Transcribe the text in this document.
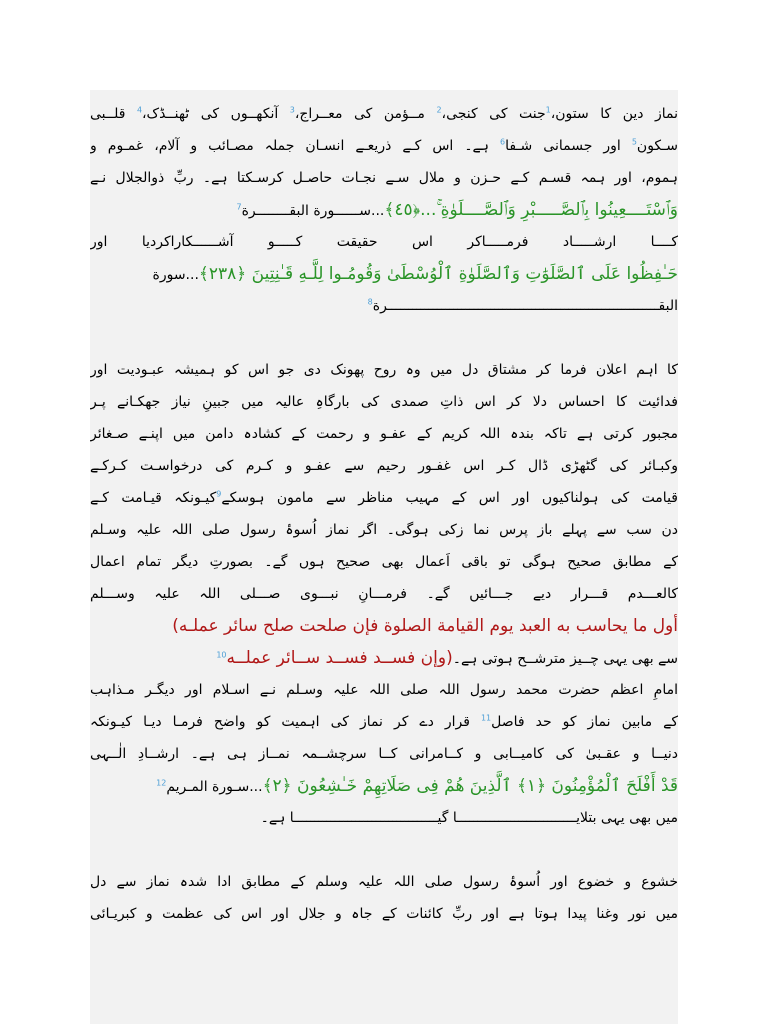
نماز دین کا ستون،$^1$جنت کی کنجی،$^2$ مــؤمن کی معــراج،$^3$ آنکھــوں کی ٹھنــڈک،$^4$ قلــبی
سـکون$^5$ اور جسمانی شـفا$^6$ ہے۔ اس کـے ذریعـے انسـان جملہ مصـائب و آلام، غمـوم و
ہموم، اور ہمہ قسـم کـے حـزن و ملال سـے نجـات حاصـل کرسـکتا ہے۔ ربِّ ذوالجلال نـے
وَٱسْتَــــعِينُوا بِٱلصَّـــــبْرِ وَٱلصَّــــلَوٰةِ ۚ...﴿٤٥﴾...ســــــورة البقــــــــرة$^7$
کــــا ارشـــــاد فرمـــــاکر اس حقیقت کـــــو آشــــــکاراکردیا اور
حَـٰفِظُوا عَلَى ٱلصَّلَوَٰتِ وَٱلصَّلَوٰةِ ٱلْوُسْطَىٰ وَقُومُـوا لِلَّـهِ قَـٰنِتِينَ ﴿٢٣٨﴾...سورة
البقــــــــــــــــــــــــــــــــــــــــــــــــــــــــــــــــــرة$^8$
کا اہم اعلان فرما کر مشتاق دل میں وہ روح پھونک دی جو اس کو ہمیشہ عبـودیت اور
فدائیت کا احساس دلا کر اس ذاتِ صمدی کی بارگاہِ عالیہ میں جبینِ نیاز جھکـانے پـر
مجبور کرتی ہے تاکہ بندہ اللہ کریم کے عفـو و رحمت کے کشادہ دامن میں اپنـے صـغائر
وکبـائر کی گٹھڑی ڈال کـر اس غفـور رحیم سے عفـو و کـرم کی درخواسـت کـرکـے
قیامت کی ہولناکیوں اور اس کے مہیب مناظر سے مامون ہوسکے$^9$کیـونکہ قیـامت کـے
دن سب سے پہلے باز پرس نما زکی ہوگی۔ اگر نماز اُسوۂ رسول صلی اللہ علیہ وسـلم
کے مطابق صحیح ہوگی تو باقی اَعمال بھی صحیح ہوں گے۔ بصورتِ دیگر تمام اعمال
کالعـــدم قـــرار دیے جـــائیں گے۔ فرمـــانِ نبـــوی صـــلی اللہ علیہ وســـلم
أول ما يحاسب به العبد يوم القيامة الصلوة فإن صلحت صلح سائر عملـه)
سے بھی یہی چــیز مترشــح ہوتی ہے۔(وإن فســد فســد ســائر عملــه$^{10}$
امامِ اعظم حضرت محمد رسول اللہ صلی اللہ علیہ وسـلم نـے اسـلام اور دیگـر مـذاہب
کے مابین نماز کو حد فاصل$^{11}$ قرار دے کر نماز کی اہمیت کو واضح فرمـا دیـا کیـونکہ
دنیــا و عقـبیٰ کی کامیــابی و کــامرانی کــا سرچشــمہ نمــاز ہی ہے۔ ارشــادِ الٰــہی
قَدْ أَفْلَحَ ٱلْمُؤْمِنُونَ ﴿١﴾ ٱلَّذِينَ هُمْ فِى صَلَاتِهِمْ خَـٰشِعُونَ ﴿٢﴾...سـورة المـريم$^{12}$
میں بھی یہی بتلایـــــــــــــــــــــــــــــا گیـــــــــــــــــــــــــــــــــــا ہے۔
خشوع و خضوع اور اُسوۂ رسول صلی اللہ علیہ وسلم کے مطابق ادا شدہ نماز سے دل
میں نور وغنا پیدا ہوتا ہے اور ربِّ کائنات کے جاہ و جلال اور اس کی عظمت و کبریـائی
